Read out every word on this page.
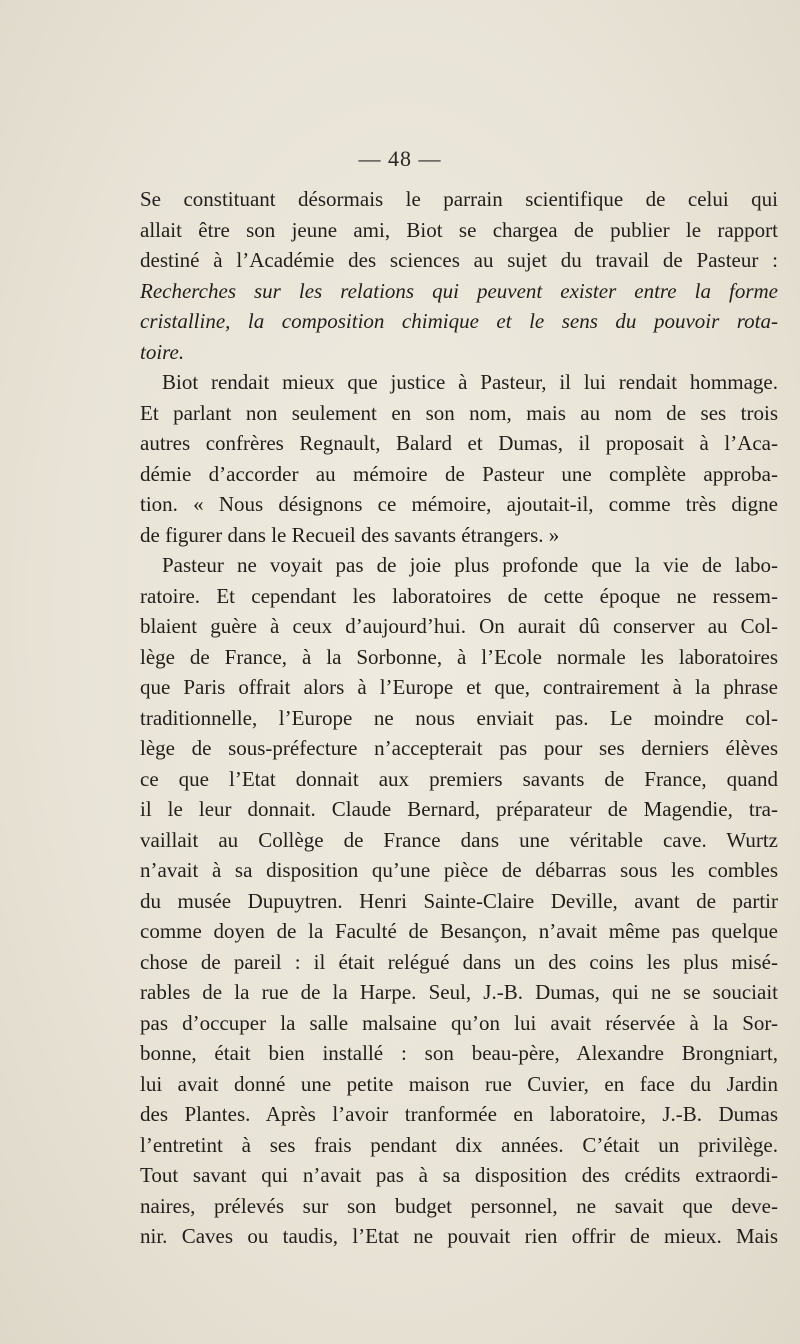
— 48 —
Se constituant désormais le parrain scientifique de celui qui
allait être son jeune ami, Biot se chargea de publier le rapport
destiné à l’Académie des sciences au sujet du travail de Pasteur :
Recherches sur les relations qui peuvent exister entre la forme
cristalline, la composition chimique et le sens du pouvoir rota-
toire.
Biot rendait mieux que justice à Pasteur, il lui rendait hommage.
Et parlant non seulement en son nom, mais au nom de ses trois
autres confrères Regnault, Balard et Dumas, il proposait à l’Aca-
démie d’accorder au mémoire de Pasteur une complète approba-
tion. « Nous désignons ce mémoire, ajoutait-il, comme très digne
de figurer dans le Recueil des savants étrangers. »
Pasteur ne voyait pas de joie plus profonde que la vie de labo-
ratoire. Et cependant les laboratoires de cette époque ne ressem-
blaient guère à ceux d’aujourd’hui. On aurait dû conserver au Col-
lège de France, à la Sorbonne, à l’Ecole normale les laboratoires
que Paris offrait alors à l’Europe et que, contrairement à la phrase
traditionnelle, l’Europe ne nous enviait pas. Le moindre col-
lège de sous-préfecture n’accepterait pas pour ses derniers élèves
ce que l’Etat donnait aux premiers savants de France, quand
il le leur donnait. Claude Bernard, préparateur de Magendie, tra-
vaillait au Collège de France dans une véritable cave. Wurtz
n’avait à sa disposition qu’une pièce de débarras sous les combles
du musée Dupuytren. Henri Sainte-Claire Deville, avant de partir
comme doyen de la Faculté de Besançon, n’avait même pas quelque
chose de pareil : il était relégué dans un des coins les plus misé-
rables de la rue de la Harpe. Seul, J.-B. Dumas, qui ne se souciait
pas d’occuper la salle malsaine qu’on lui avait réservée à la Sor-
bonne, était bien installé : son beau-père, Alexandre Brongniart,
lui avait donné une petite maison rue Cuvier, en face du Jardin
des Plantes. Après l’avoir tranformée en laboratoire, J.-B. Dumas
l’entretint à ses frais pendant dix années. C’était un privilège.
Tout savant qui n’avait pas à sa disposition des crédits extraordi-
naires, prélevés sur son budget personnel, ne savait que deve-
nir. Caves ou taudis, l’Etat ne pouvait rien offrir de mieux. Mais
